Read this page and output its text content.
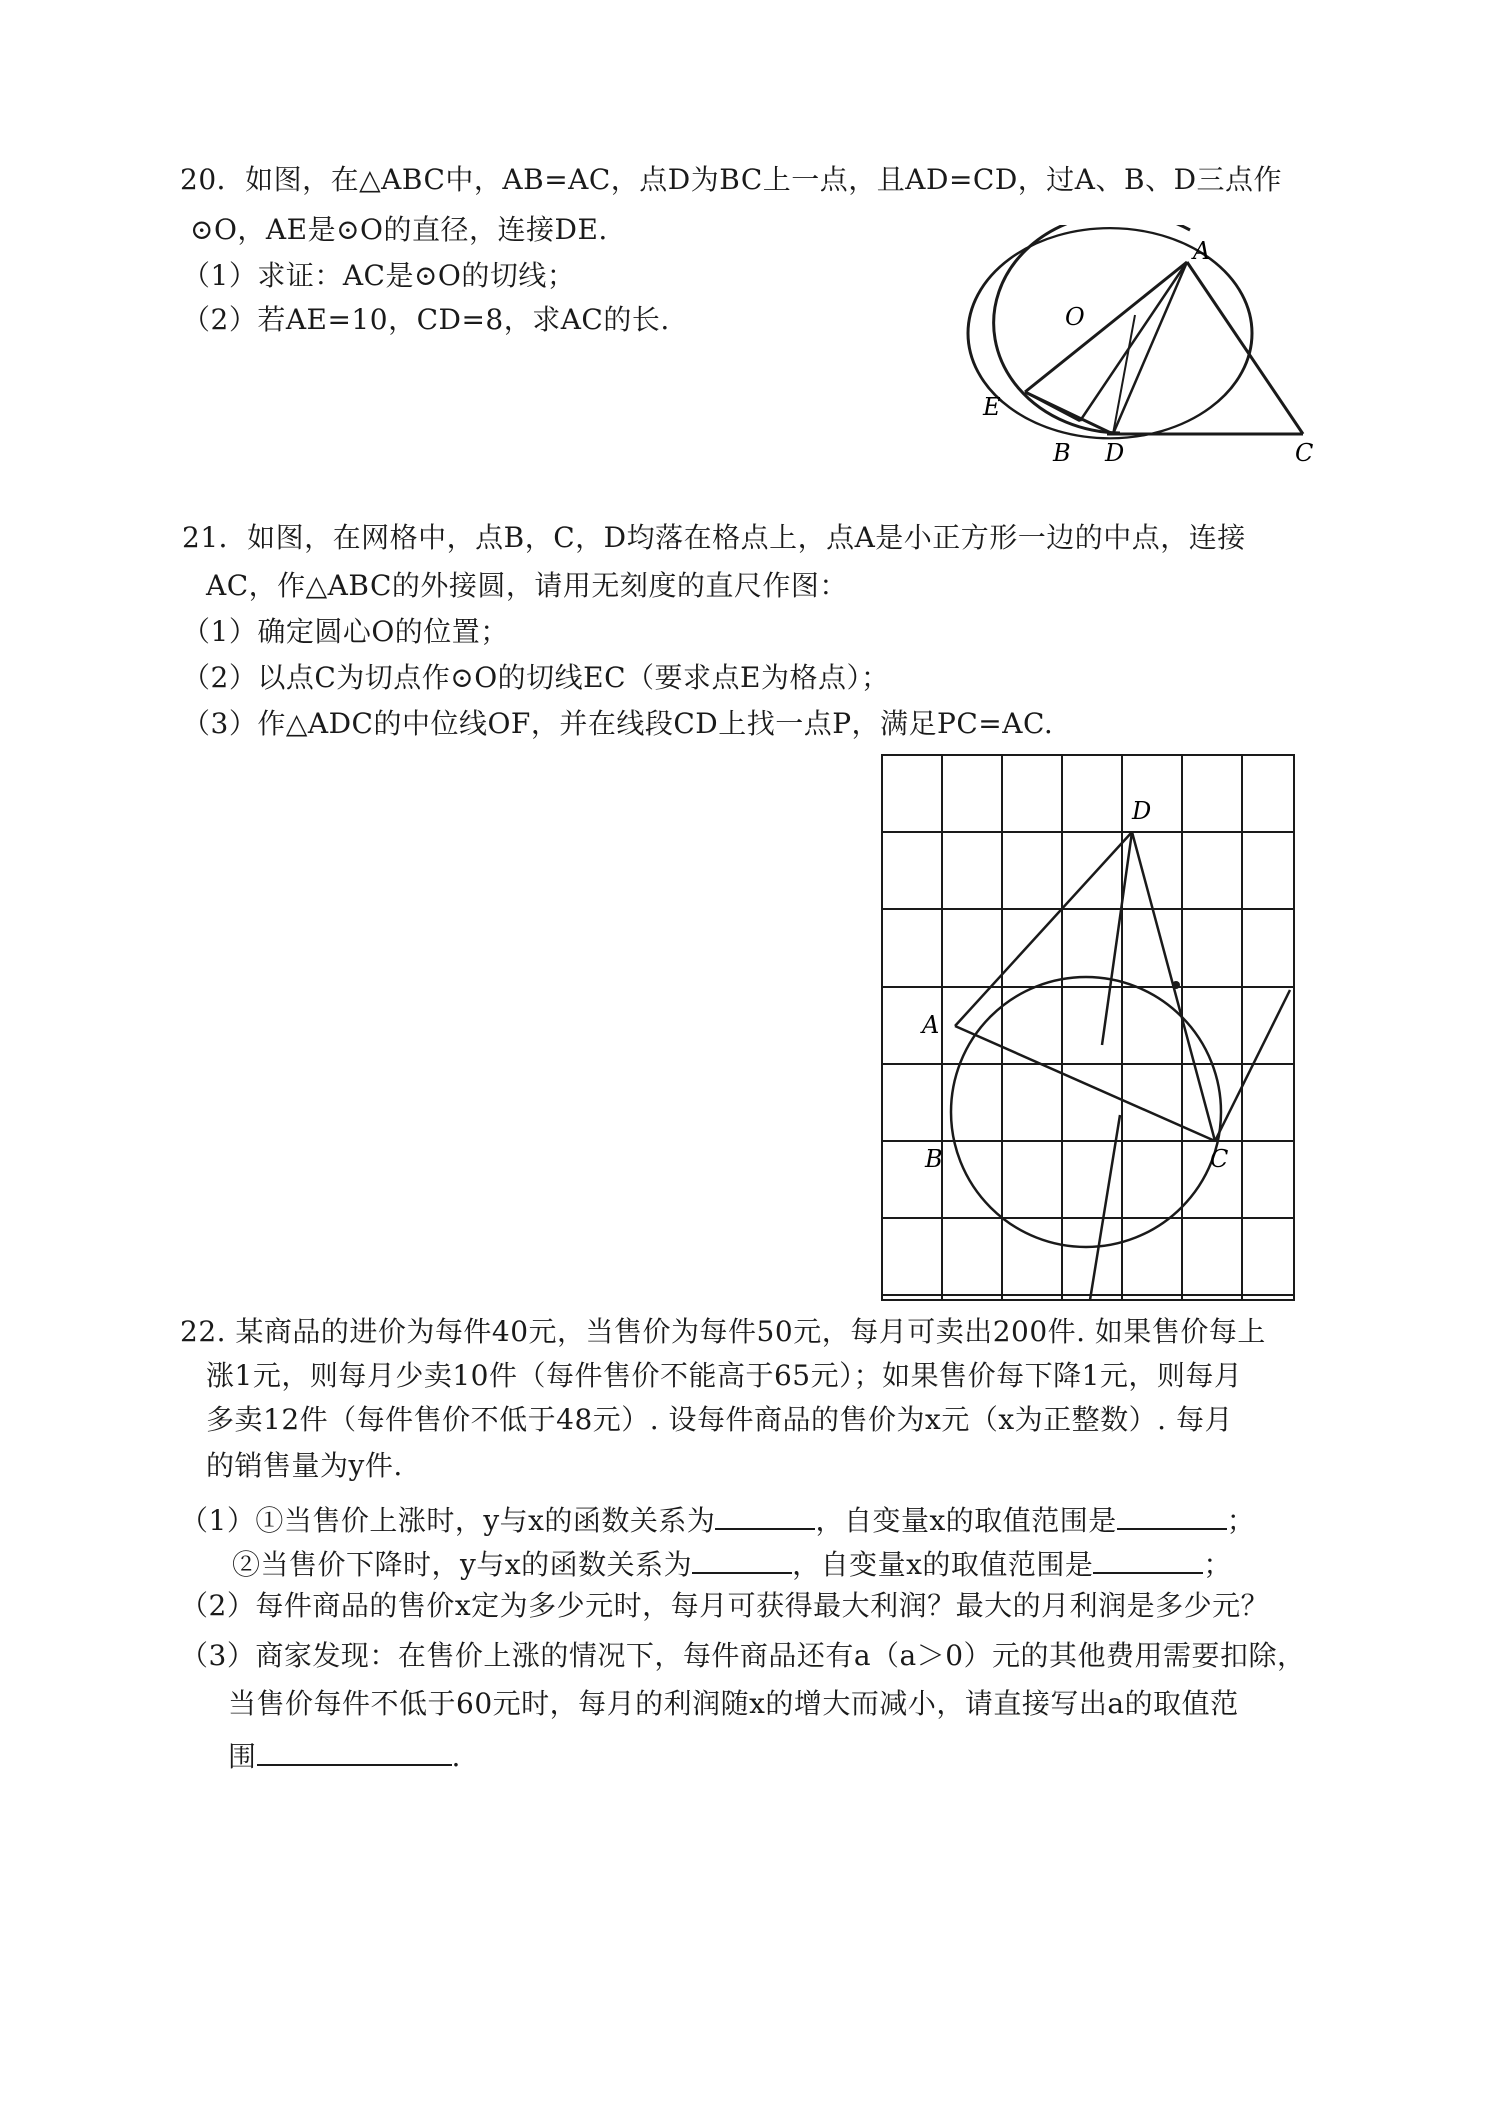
20．如图，在△ABC中，AB=AC，点D为BC上一点，且AD=CD，过A、B、D三点作
⊙O，AE是⊙O的直径，连接DE.
（1）求证：AC是⊙O的切线；
（2）若AE=10，CD=8，求AC的长.
A
O
E
B D	C
21．如图，在网格中，点B，C，D均落在格点上，点A是小正方形一边的中点，连接
AC，作△ABC的外接圆，请用无刻度的直尺作图：
（1）确定圆心O的位置；
（2）以点C为切点作⊙O的切线EC（要求点E为格点）；
（3）作△ADC的中位线OF，并在线段CD上找一点P，满足PC=AC.
D
A
B	C
22. 某商品的进价为每件40元，当售价为每件50元，每月可卖出200件. 如果售价每上
涨1元，则每月少卖10件（每件售价不能高于65元）；如果售价每下降1元，则每月
多卖12件（每件售价不低于48元）. 设每件商品的售价为x元（x为正整数）. 每月
的销售量为y件.
（1）①当售价上涨时，y与x的函数关系为	，自变量x的取值范围是	；
②当售价下降时，y与x的函数关系为	，自变量x的取值范围是	；
（2）每件商品的售价x定为多少元时，每月可获得最大利润？最大的月利润是多少元？
（3）商家发现：在售价上涨的情况下，每件商品还有a（a＞0）元的其他费用需要扣除，
当售价每件不低于60元时，每月的利润随x的增大而减小，请直接写出a的取值范
围	.
